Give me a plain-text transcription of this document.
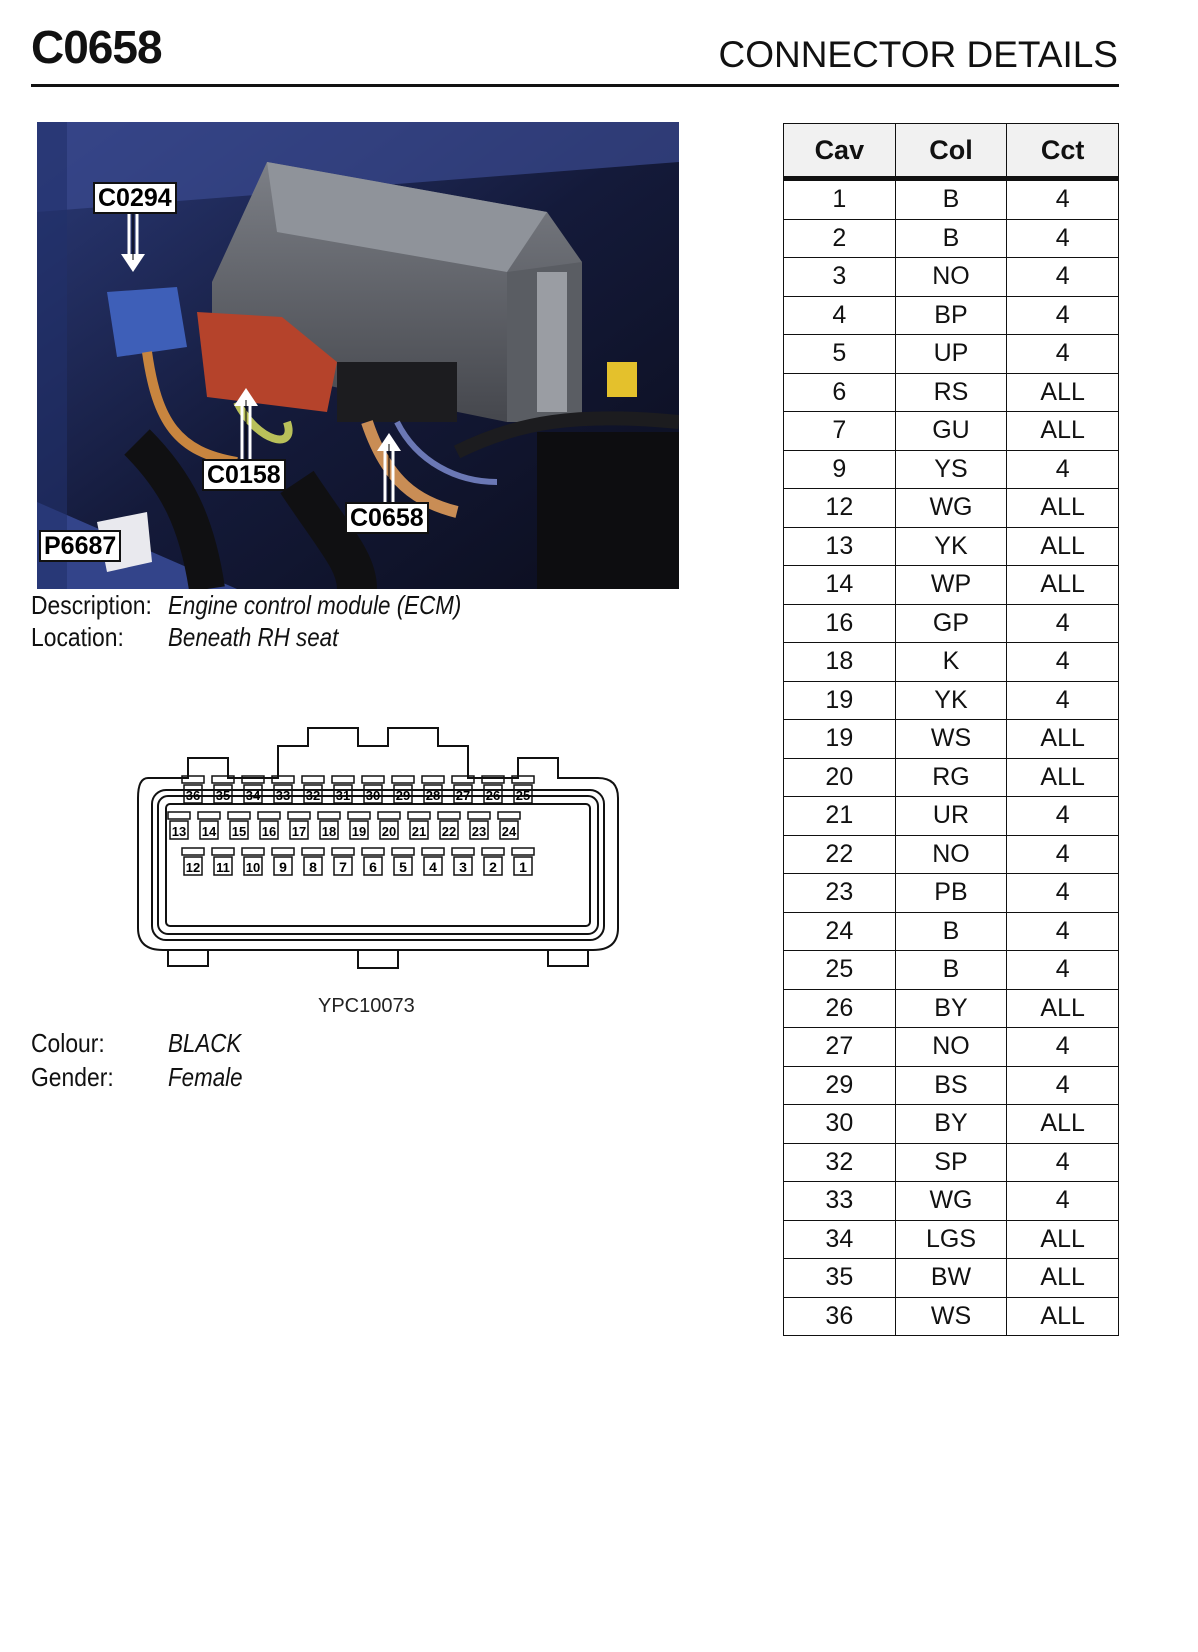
C0658	CONNECTOR DETAILS
C0294
C0158
C0658
P6687
Description: Engine control module (ECM)
Location: Beneath RH seat
36 35 34 33 32 31 30 29 28 27 26 25
13 14 15 16 17 18 19 20 21 22 23 24
12 11 10 9 8 7 6 5 4 3 2 1
YPC10073
Colour: BLACK
Gender: Female
Cav	Col	Cct
1	B	4
2	B	4
3	NO	4
4	BP	4
5	UP	4
6	RS	ALL
7	GU	ALL
9	YS	4
12	WG	ALL
13	YK	ALL
14	WP	ALL
16	GP	4
18	K	4
19	YK	4
19	WS	ALL
20	RG	ALL
21	UR	4
22	NO	4
23	PB	4
24	B	4
25	B	4
26	BY	ALL
27	NO	4
29	BS	4
30	BY	ALL
32	SP	4
33	WG	4
34	LGS	ALL
35	BW	ALL
36	WS	ALL
